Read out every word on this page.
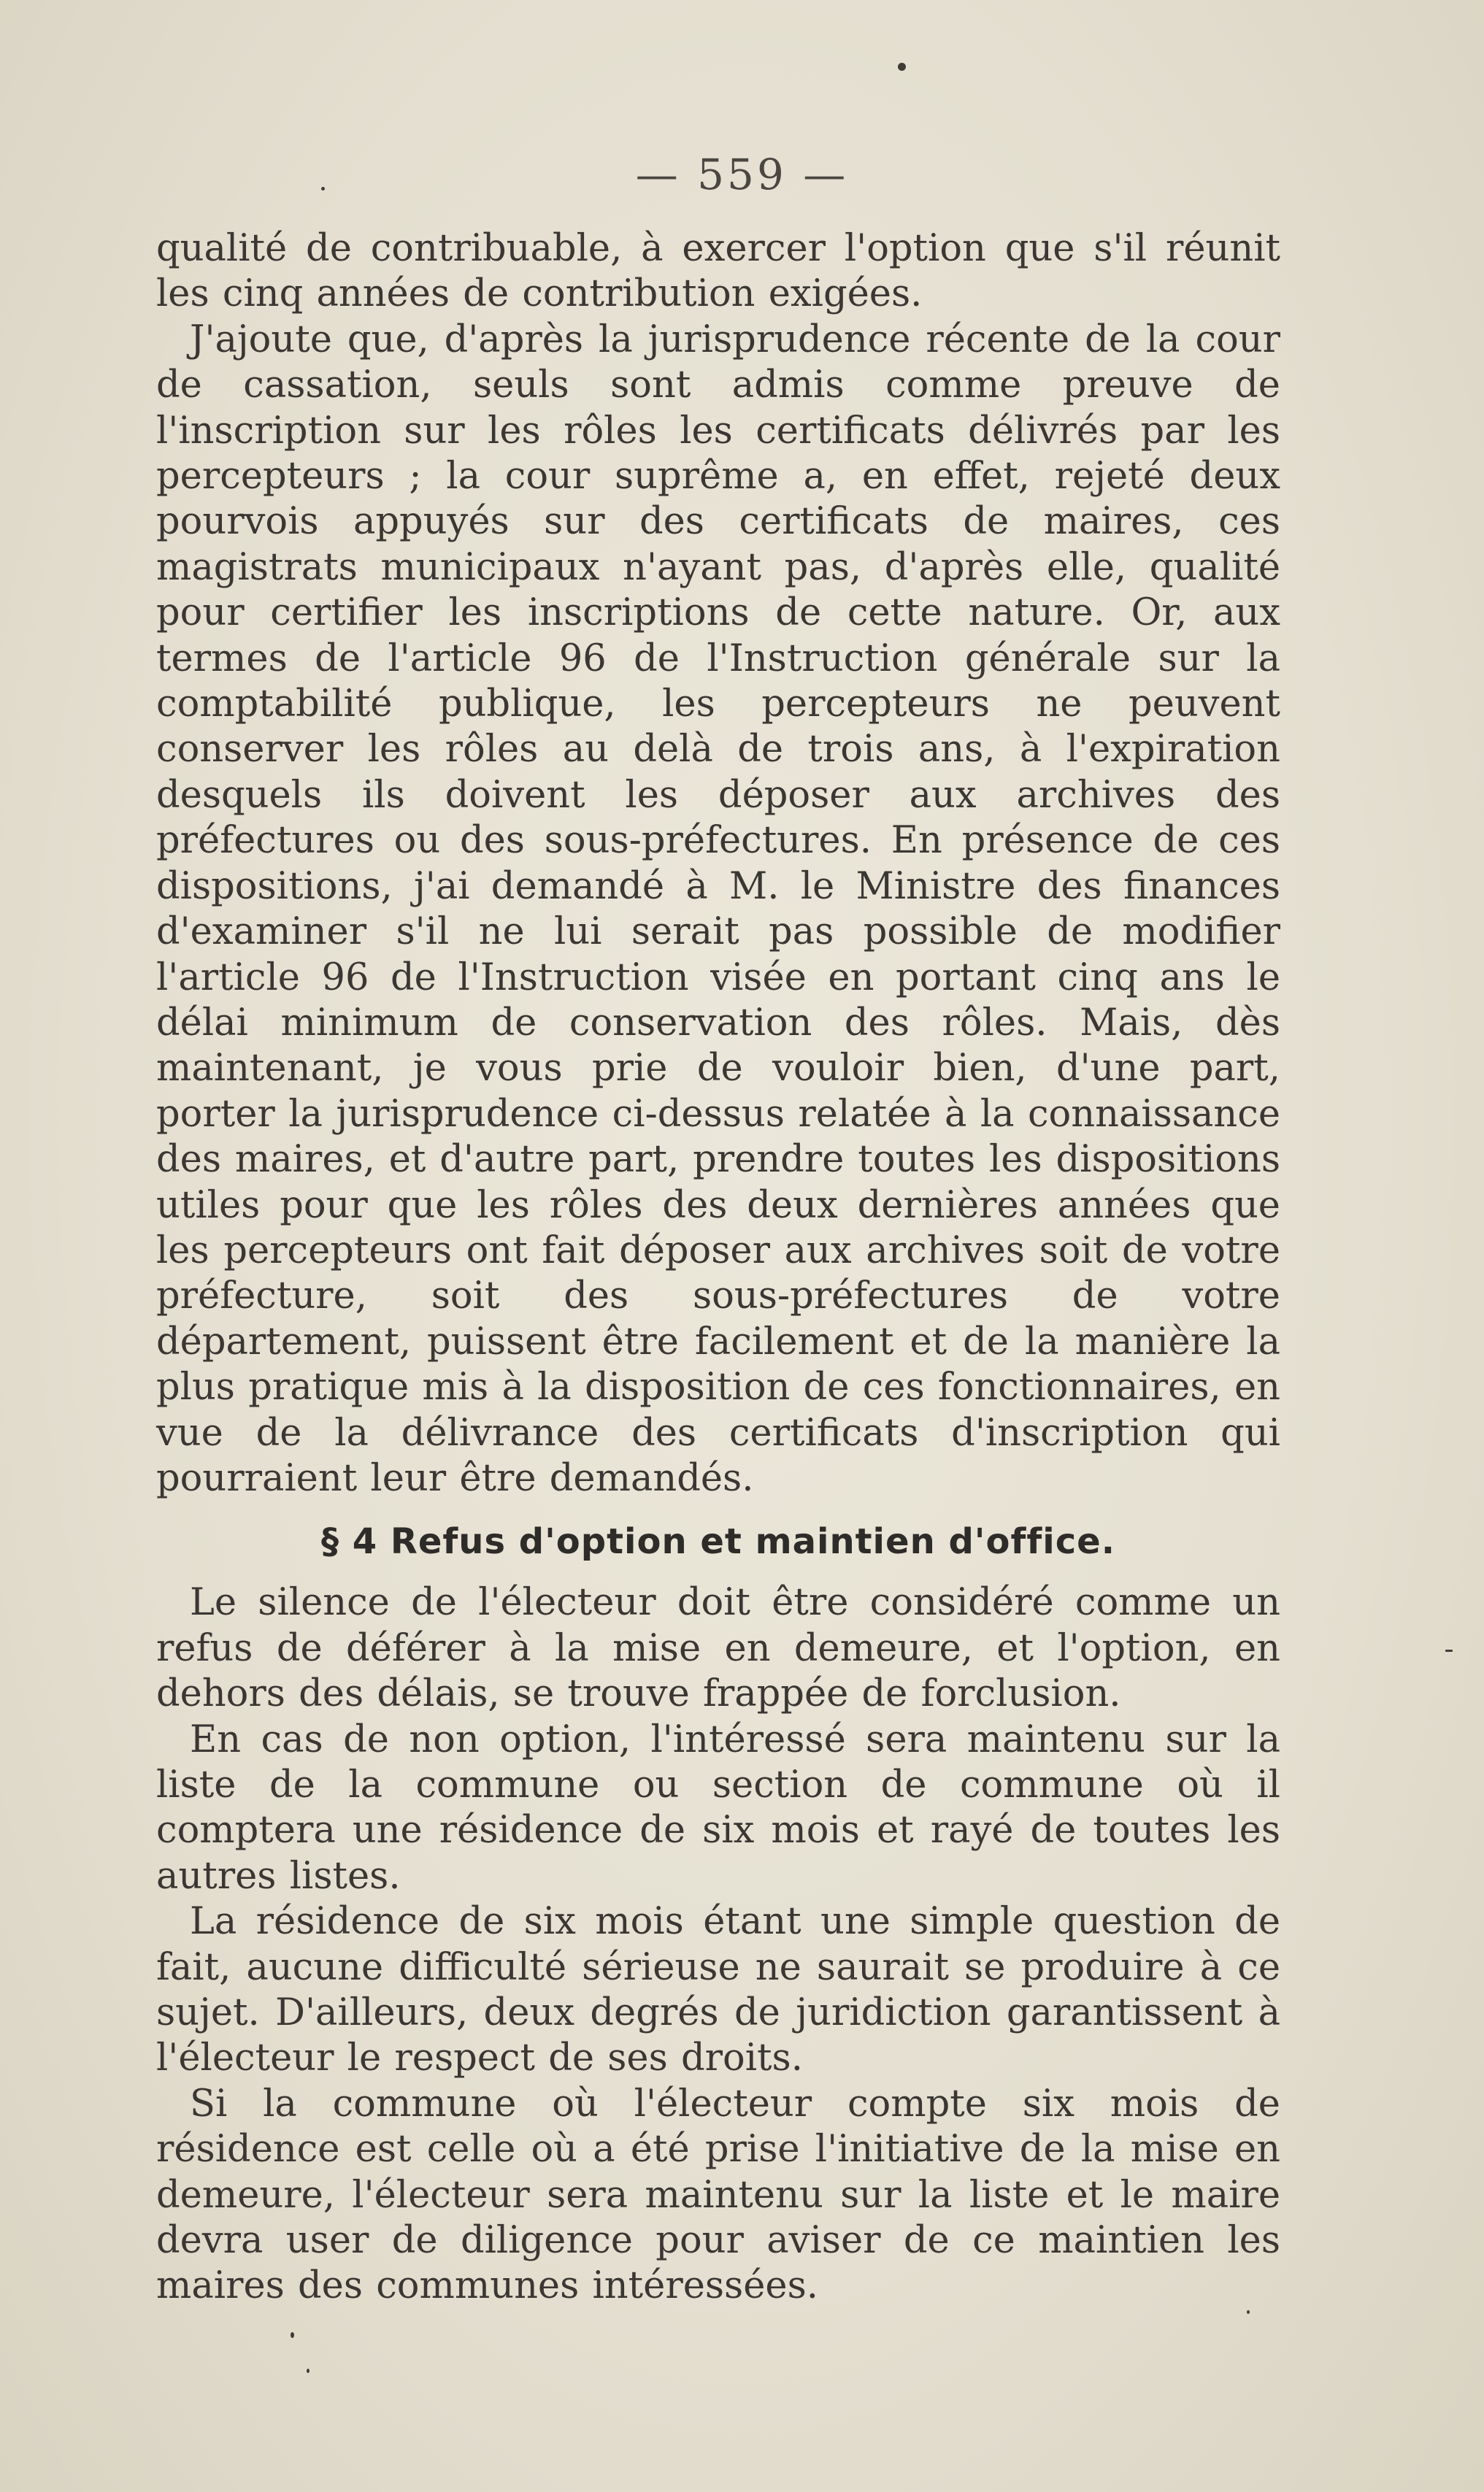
— 559 —

qualité de contribuable, à exercer l'option que s'il réunit les cinq années de contribution exigées.

J'ajoute que, d'après la jurisprudence récente de la cour de cassation, seuls sont admis comme preuve de l'inscription sur les rôles les certificats délivrés par les percepteurs ; la cour suprême a, en effet, rejeté deux pourvois appuyés sur des certificats de maires, ces magistrats municipaux n'ayant pas, d'après elle, qualité pour certifier les inscriptions de cette nature. Or, aux termes de l'article 96 de l'Instruction générale sur la comptabilité publique, les percepteurs ne peuvent conserver les rôles au delà de trois ans, à l'expiration desquels ils doivent les déposer aux archives des préfectures ou des sous-préfectures. En présence de ces dispositions, j'ai demandé à M. le Ministre des finances d'examiner s'il ne lui serait pas possible de modifier l'article 96 de l'Instruction visée en portant cinq ans le délai minimum de conservation des rôles. Mais, dès maintenant, je vous prie de vouloir bien, d'une part, porter la jurisprudence ci-dessus relatée à la connaissance des maires, et d'autre part, prendre toutes les dispositions utiles pour que les rôles des deux dernières années que les percepteurs ont fait déposer aux archives soit de votre préfecture, soit des sous-préfectures de votre département, puissent être facilement et de la manière la plus pratique mis à la disposition de ces fonctionnaires, en vue de la délivrance des certificats d'inscription qui pourraient leur être demandés.

§ 4 Refus d'option et maintien d'office.

Le silence de l'électeur doit être considéré comme un refus de déférer à la mise en demeure, et l'option, en dehors des délais, se trouve frappée de forclusion.

En cas de non option, l'intéressé sera maintenu sur la liste de la commune ou section de commune où il comptera une résidence de six mois et rayé de toutes les autres listes.

La résidence de six mois étant une simple question de fait, aucune difficulté sérieuse ne saurait se produire à ce sujet. D'ailleurs, deux degrés de juridiction garantissent à l'électeur le respect de ses droits.

Si la commune où l'électeur compte six mois de résidence est celle où a été prise l'initiative de la mise en demeure, l'électeur sera maintenu sur la liste et le maire devra user de diligence pour aviser de ce maintien les maires des communes intéressées.
